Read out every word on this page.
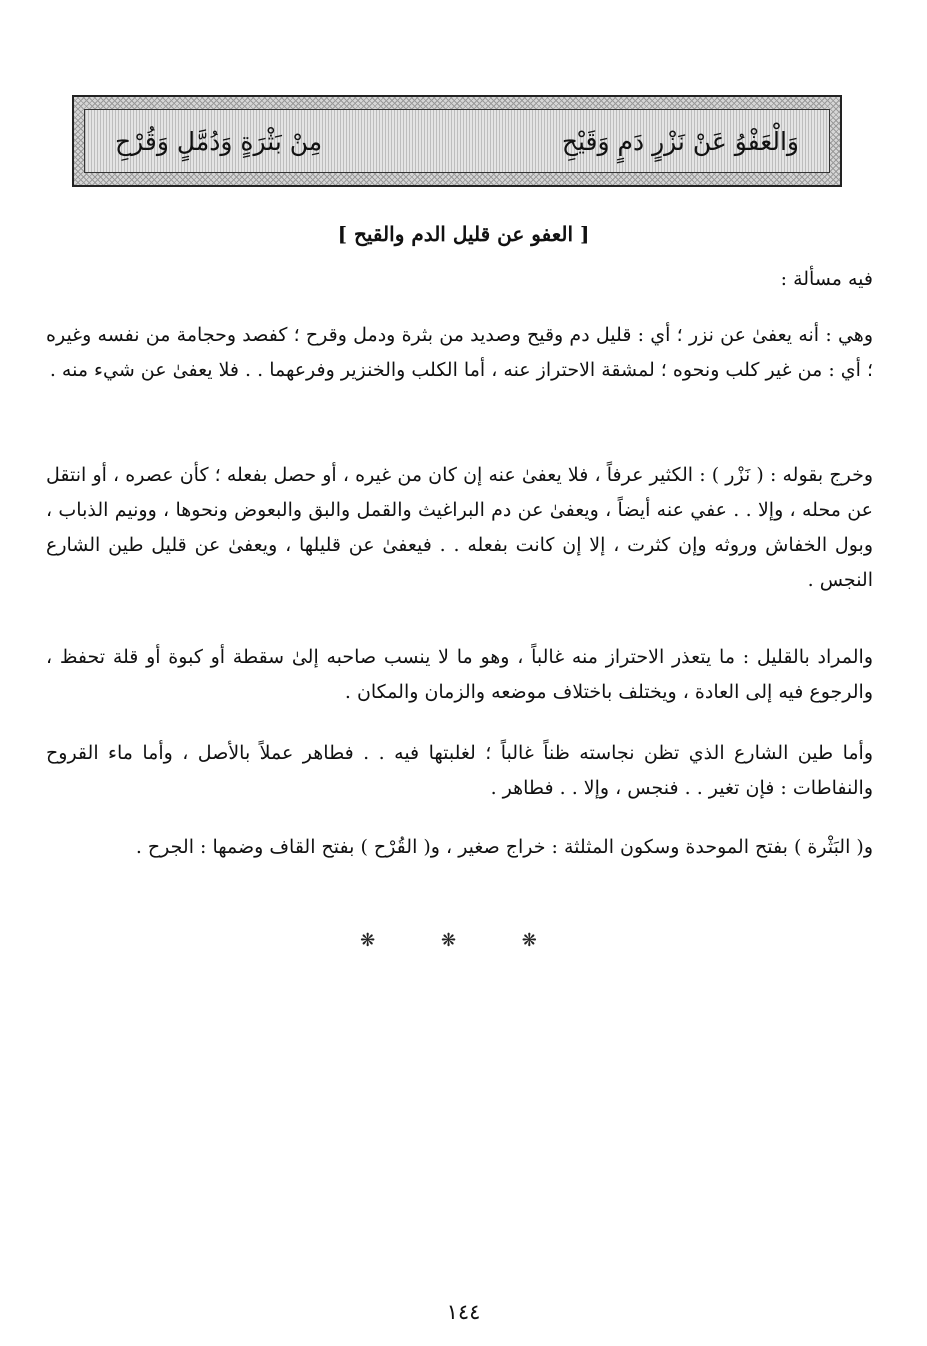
وَالْعَفْوُ عَنْ نَزْرٍ دَمٍ وَقَيْحِ
مِنْ بَثْرَةٍ وَدُمَّلٍ وَقُرْحِ
[ العفو عن قليل الدم والقيح ]
فيه مسألة :
وهي : أنه يعفىٰ عن نزر ؛ أي : قليل دم وقيح وصديد من بثرة ودمل وقرح ؛ كفصد وحجامة من نفسه وغيره ؛ أي : من غير كلب ونحوه ؛ لمشقة الاحتراز عنه ، أما الكلب والخنزير وفرعهما . . فلا يعفىٰ عن شيء منه .
وخرج بقوله : ( نَزْر ) : الكثير عرفاً ، فلا يعفىٰ عنه إن كان من غيره ، أو حصل بفعله ؛ كأن عصره ، أو انتقل عن محله ، وإلا . . عفي عنه أيضاً ، ويعفىٰ عن دم البراغيث والقمل والبق والبعوض ونحوها ، وونيم الذباب ، وبول الخفاش وروثه وإن كثرت ، إلا إن كانت بفعله . . فيعفىٰ عن قليلها ، ويعفىٰ عن قليل طين الشارع النجس .
والمراد بالقليل : ما يتعذر الاحتراز منه غالباً ، وهو ما لا ينسب صاحبه إلىٰ سقطة أو كبوة أو قلة تحفظ ، والرجوع فيه إلى العادة ، ويختلف باختلاف موضعه والزمان والمكان .
وأما طين الشارع الذي تظن نجاسته ظناً غالباً ؛ لغلبتها فيه . . فطاهر عملاً بالأصل ، وأما ماء القروح والنفاطات : فإن تغير . . فنجس ، وإلا . . فطاهر .
و( البَثْرة ) بفتح الموحدة وسكون المثلثة : خراج صغير ، و( القُرْح ) بفتح القاف وضمها : الجرح .
❋ ❋ ❋
١٤٤
